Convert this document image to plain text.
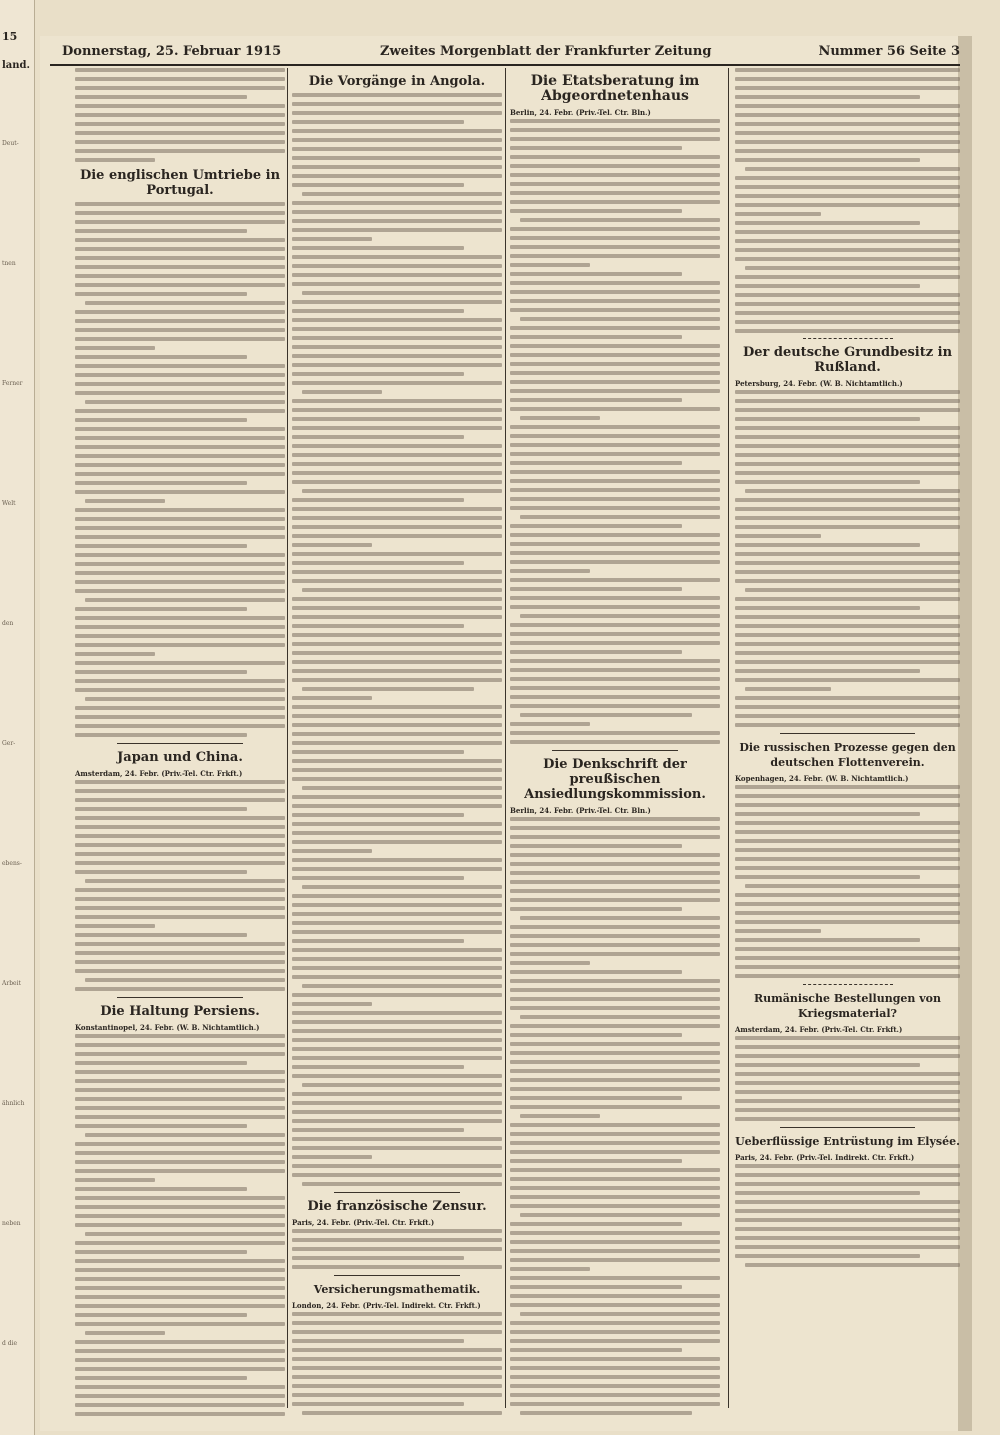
15
land.
Deut-
tnen
Ferner
Welt
den
Ger-
ebens-
Arbeit
ähnlich
neben
d die
Donnerstag, 25. Februar 1915	Zweites Morgenblatt der Frankfurter Zeitung	Nummer 56 Seite 3
Die englischen Umtriebe in Portugal.
Japan und China.
Amsterdam, 24. Febr. (Priv.-Tel. Ctr. Frkft.)
Die Haltung Persiens.
Konstantinopel, 24. Febr. (W. B. Nichtamtlich.)
Die Vorgänge in Angola.
Die französische Zensur.
Paris, 24. Febr. (Priv.-Tel. Ctr. Frkft.)
Versicherungsmathematik.
London, 24. Febr. (Priv.-Tel. Indirekt. Ctr. Frkft.)
Die Etatsberatung im Abgeordnetenhaus
Berlin, 24. Febr. (Priv.-Tel. Ctr. Bln.)
Die Denkschrift der preußischen Ansiedlungskommission.
Berlin, 24. Febr. (Priv.-Tel. Ctr. Bln.)
Der deutsche Grundbesitz in Rußland.
Petersburg, 24. Febr. (W. B. Nichtamtlich.)
Die russischen Prozesse gegen den deutschen Flottenverein.
Kopenhagen, 24. Febr. (W. B. Nichtamtlich.)
Rumänische Bestellungen von Kriegsmaterial?
Amsterdam, 24. Febr. (Priv.-Tel. Ctr. Frkft.)
Ueberflüssige Entrüstung im Elysée.
Paris, 24. Febr. (Priv.-Tel. Indirekt. Ctr. Frkft.)
